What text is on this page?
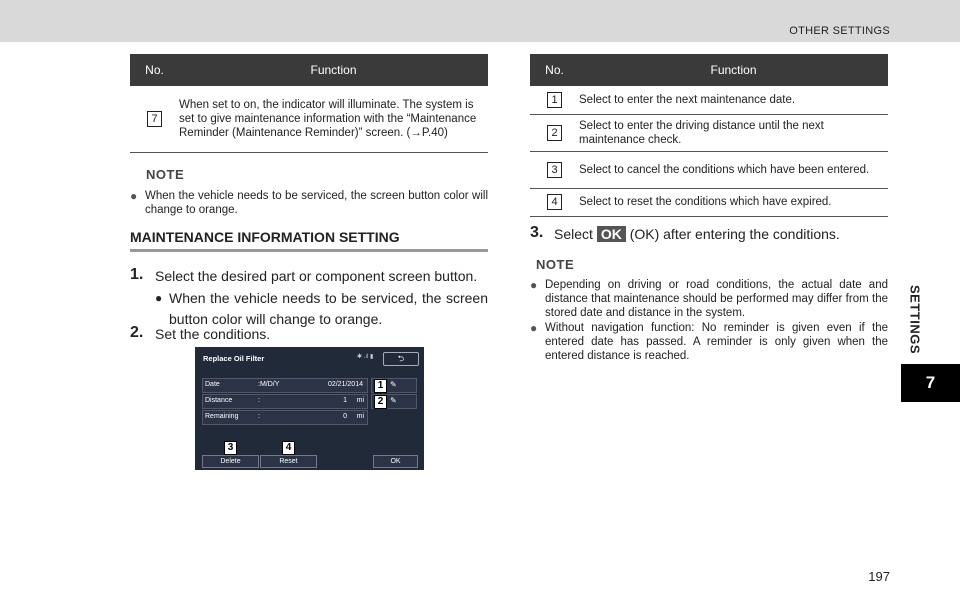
OTHER SETTINGS
SETTINGS
7
No.	Function
7	When set to on, the indicator will illuminate. The system is set to give maintenance information with the “Maintenance Reminder (Maintenance Reminder)” screen. (→P.40)
NOTE
● When the vehicle needs to be serviced, the screen button color will change to orange.
MAINTENANCE INFORMATION SETTING
1. Select the desired part or component screen button.
● When the vehicle needs to be serviced, the screen button color will change to orange.
2. Set the conditions.
Replace Oil Filter	✱ .ıl ▮	⮌
Date	:M/D/Y	02/21/2014	✎
Distance	:	1 mi	✎
Remaining	:	0 mi
1
2
3	4
Delete	Reset	OK
No.	Function
1	Select to enter the next maintenance date.
2	Select to enter the driving distance until the next maintenance check.
3	Select to cancel the conditions which have been entered.
4	Select to reset the conditions which have expired.
3. Select OK (OK) after entering the conditions.
NOTE
● Depending on driving or road conditions, the actual date and distance that maintenance should be performed may differ from the stored date and distance in the system.
● Without navigation function: No reminder is given even if the entered date has passed. A reminder is only given when the entered distance is reached.
197
